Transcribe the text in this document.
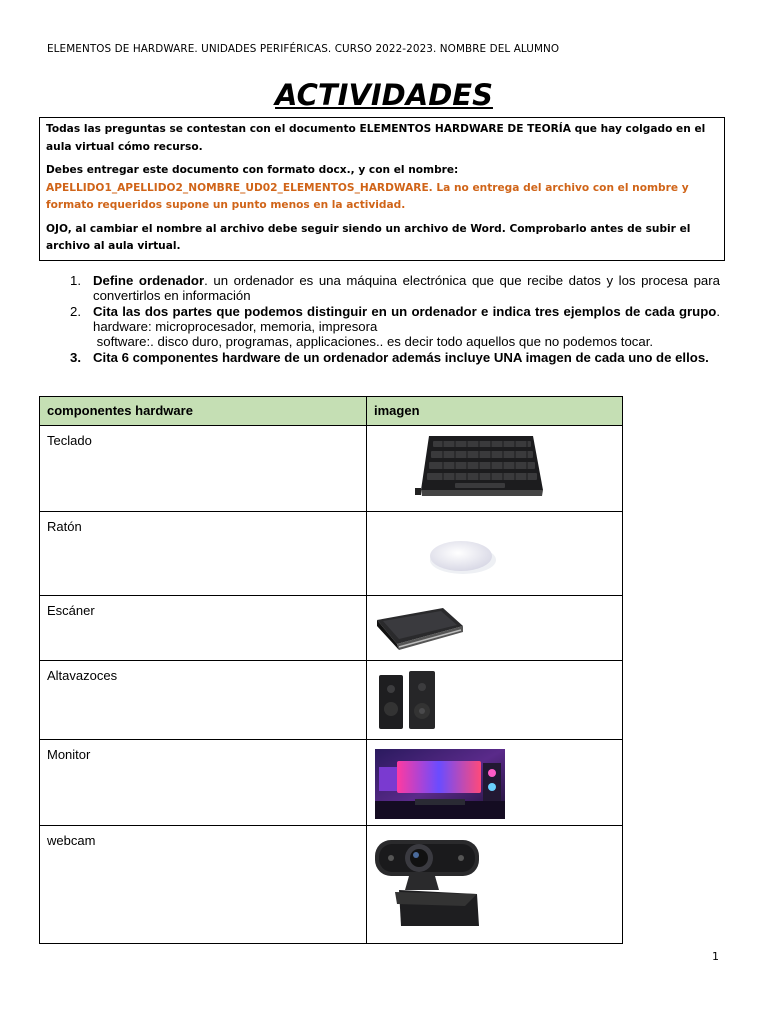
ELEMENTOS DE HARDWARE. UNIDADES PERIFÉRICAS. CURSO 2022-2023. NOMBRE DEL ALUMNO
ACTIVIDADES

Todas las preguntas se contestan con el documento ELEMENTOS HARDWARE DE TEORÍA que hay colgado en el aula virtual cómo recurso.

Debes entregar este documento con formato docx., y con el nombre:
APELLIDO1_APELLIDO2_NOMBRE_UD02_ELEMENTOS_HARDWARE. La no entrega del archivo con el nombre y formato requeridos supone un punto menos en la actividad.

OJO, al cambiar el nombre al archivo debe seguir siendo un archivo de Word. Comprobarlo antes de subir el archivo al aula virtual.

1. Define ordenador. un ordenador es una máquina electrónica que que recibe datos y los procesa para convertirlos en información
2. Cita las dos partes que podemos distinguir en un ordenador e indica tres ejemplos de cada grupo. hardware: microprocesador, memoria, impresora
software:. disco duro, programas, applicaciones.. es decir todo aquellos que no podemos tocar.
3. Cita 6 componentes hardware de un ordenador además incluye UNA imagen de cada uno de ellos.
componentes hardware	imagen
Teclado	

Ratón	

Escáner	

Altavazoces	

Monitor	

webcam	
1
